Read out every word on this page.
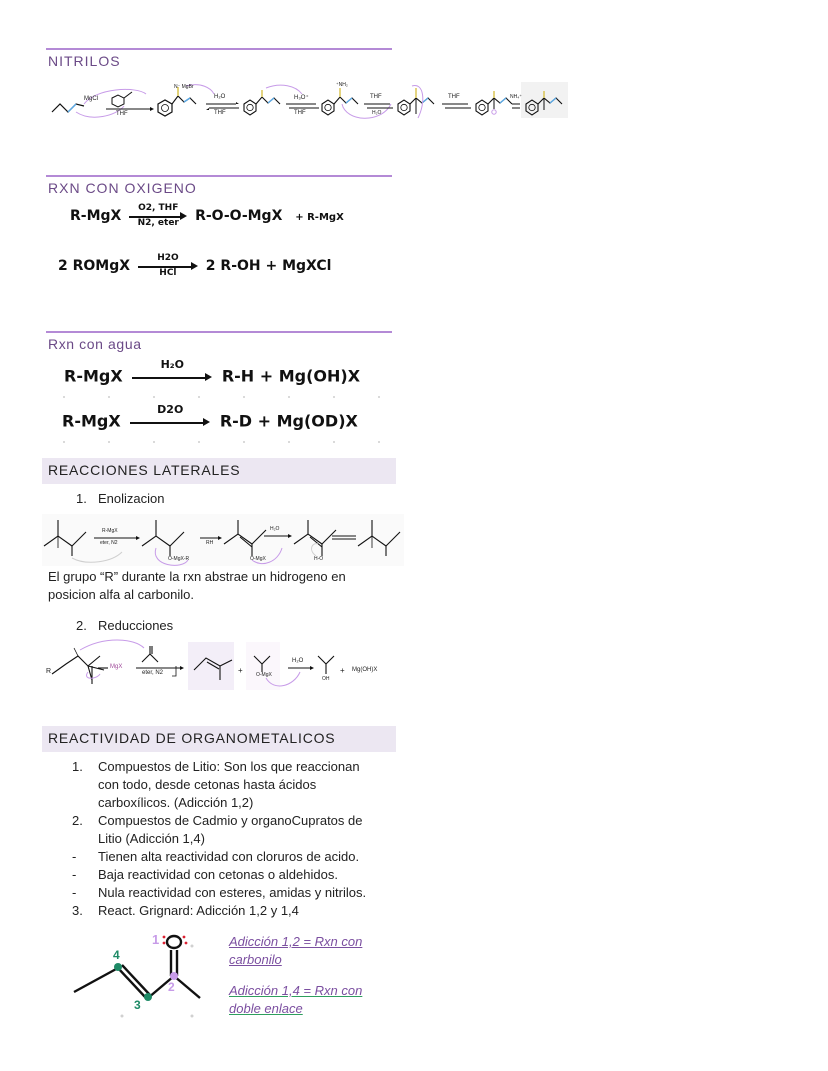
NITRILOS
MgCl
THF
N⁻ MgBr
H₂O
THF
H₃O⁺
THF
⁺NH₂
THF
H₂O
THF	NH₄⁺
RXN CON OXIGENO
R-MgX	O2, THF
N2, eter	R-O-O-MgX + R-MgX
2 ROMgX	H2O
HCl	2 R-OH + MgXCl
Rxn con agua
R-MgX
H₂O
R-H + Mg(OH)X
R-MgX
D2O
R-D + Mg(OD)X
REACCIONES LATERALES
1. Enolizacion
R-MgX
eter, N2
O-MgX-R
RH
O-MgX
H₂O
H-O
El grupo “R” durante la rxn abstrae un hidrogeno en posicion alfa al carbonilo.
2. Reducciones
R
MgX
eter, N2	+	O-MgX
H₂O
OH
+ Mg(OH)X
REACTIVIDAD DE ORGANOMETALICOS
1.	Compuestos de Litio: Son los que reaccionan
con todo, desde cetonas hasta ácidos
carboxílicos. (Adicción 1,2)
2.	Compuestos de Cadmio y organoCupratos de
Litio (Adicción 1,4)
-	Tienen alta reactividad con cloruros de acido.
-	Baja reactividad con cetonas o aldehidos.
-	Nula reactividad con esteres, amidas y nitrilos.
3.	React. Grignard: Adicción 1,2 y 1,4
1
2
3
4
Adicción 1,2 = Rxn con
carbonilo
Adicción 1,4 = Rxn con
doble enlace
